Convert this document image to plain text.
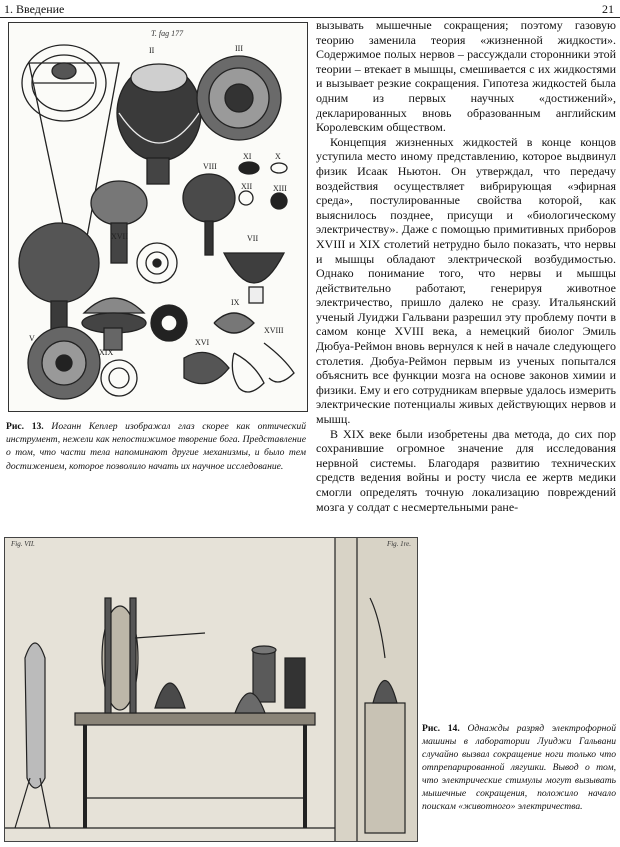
1. Введение	21
II	III
VIII
XI	X
XIII
XII
XVII	VII
V
IX
XVIII
XIX
XVI
T. fag 177
Рис. 13. Иоганн Кеплер изображал глаз скорее как оптический инструмент, нежели как непостижимое творение бога. Представление о том, что части тела напоминают другие механизмы, и было тем достижением, которое позволило начать их научное исследование.

вызывать мышечные сокращения; поэтому газовую теорию заменила теория «жизненной жидкости». Содержимое полых нервов – рассуждали сторонники этой теории – втекает в мышцы, смешивается с их жидкостями и вызывает резкие сокращения. Гипотеза жидкостей была одним из первых научных «достижений», декларированных вновь образованным английским Королевским обществом.

Концепция жизненных жидкостей в конце концов уступила место иному представлению, которое выдвинул физик Исаак Ньютон. Он утверждал, что передачу воздействия осуществляет вибрирующая «эфирная среда», постулированные свойства которой, как выяснилось позднее, присущи и «биологическому электричеству». Даже с помощью примитивных приборов XVIII и XIX столетий нетрудно было показать, что нервы и мышцы обладают электрической возбудимостью. Однако понимание того, что нервы и мышцы действительно работают, генерируя животное электричество, пришло далеко не сразу. Итальянский ученый Луиджи Гальвани разрешил эту проблему почти в самом конце XVIII века, а немецкий биолог Эмиль Дюбуа-Реймон вновь вернулся к ней в начале следующего столетия. Дюбуа-Реймон первым из ученых попытался объяснить все функции мозга на основе законов химии и физики. Ему и его сотрудникам впервые удалось измерить электрические потенциалы живых действующих нервов и мышц.

В XIX веке были изобретены два метода, до сих пор сохранившие огромное значение для исследования нервной системы. Благодаря развитию технических средств ведения войны и росту числа ее жертв медики смогли определять точную локализацию повреждений мозга у солдат с несмертельными ране-

Fig. VII.	Fig. 1re.
Рис. 14. Однажды разряд электрофорной машины в лаборатории Луиджи Гальвани случайно вызвал сокращение ноги только что отпрепарированной лягушки. Вывод о том, что электрические стимулы могут вызывать мышечные сокращения, положило начало поискам «животного» электричества.
